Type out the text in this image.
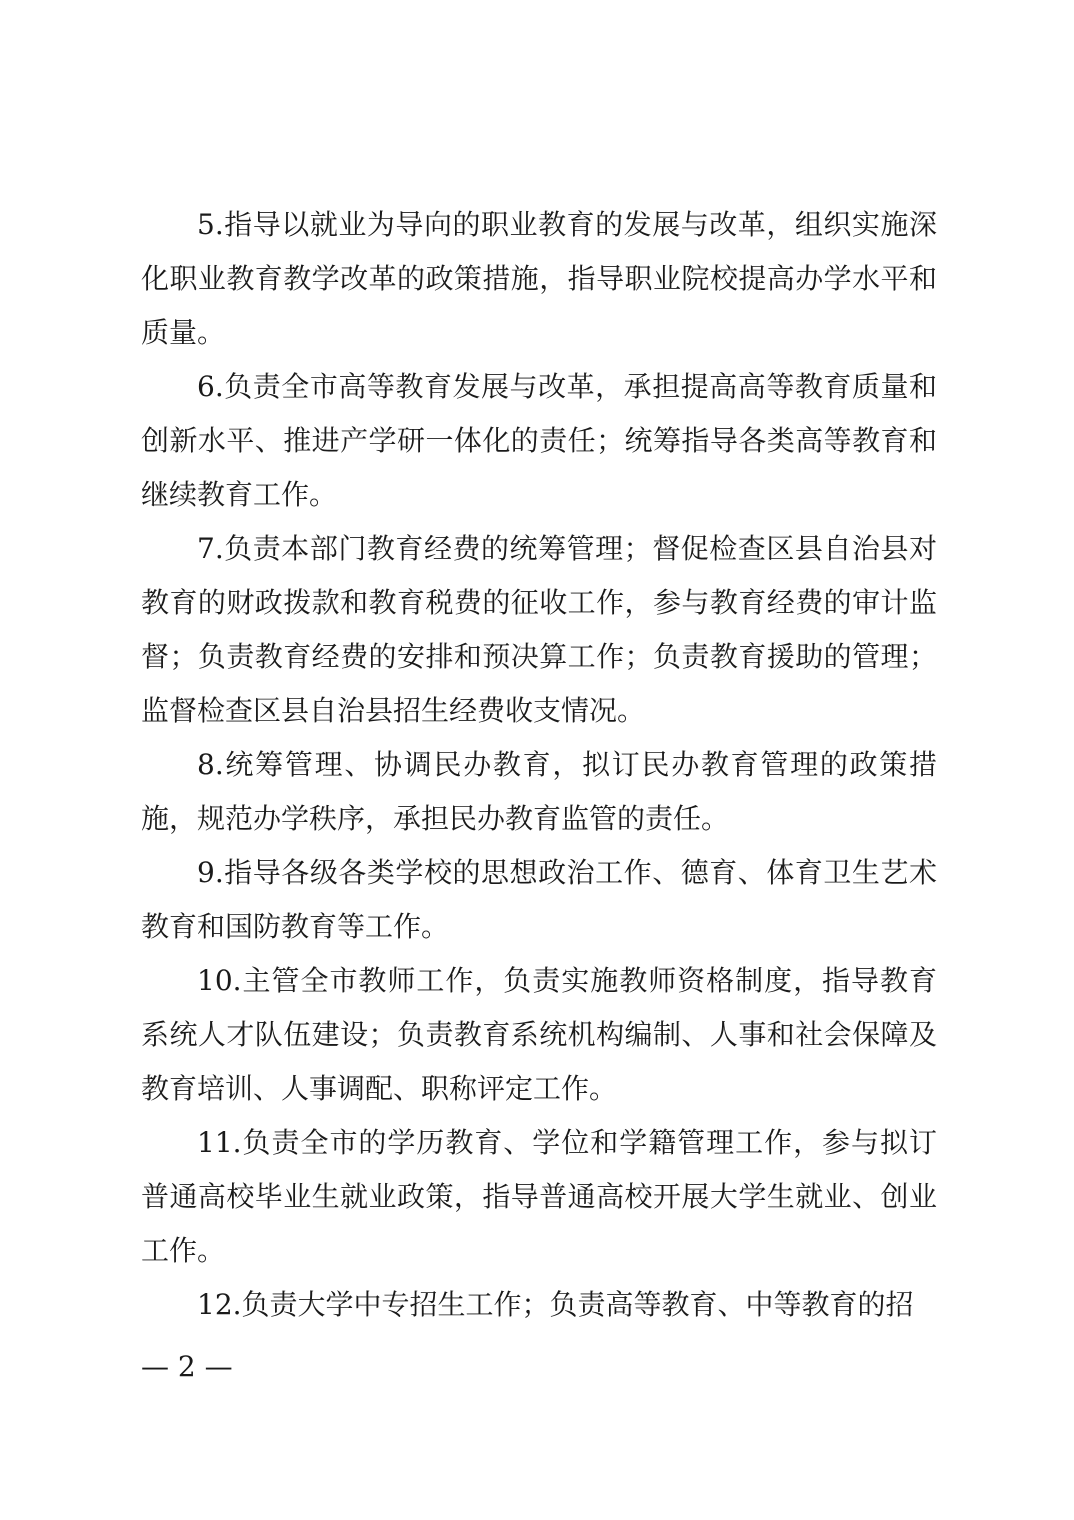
5.指导以就业为导向的职业教育的发展与改革，组织实施深化职业教育教学改革的政策措施，指导职业院校提高办学水平和质量。

6.负责全市高等教育发展与改革，承担提高高等教育质量和创新水平、推进产学研一体化的责任；统筹指导各类高等教育和继续教育工作。

7.负责本部门教育经费的统筹管理；督促检查区县自治县对教育的财政拨款和教育税费的征收工作，参与教育经费的审计监督；负责教育经费的安排和预决算工作；负责教育援助的管理；监督检查区县自治县招生经费收支情况。

8.统筹管理、协调民办教育，拟订民办教育管理的政策措施，规范办学秩序，承担民办教育监管的责任。

9.指导各级各类学校的思想政治工作、德育、体育卫生艺术教育和国防教育等工作。

10.主管全市教师工作，负责实施教师资格制度，指导教育系统人才队伍建设；负责教育系统机构编制、人事和社会保障及教育培训、人事调配、职称评定工作。

11.负责全市的学历教育、学位和学籍管理工作，参与拟订普通高校毕业生就业政策，指导普通高校开展大学生就业、创业工作。

12.负责大学中专招生工作；负责高等教育、中等教育的招

— 2 —
